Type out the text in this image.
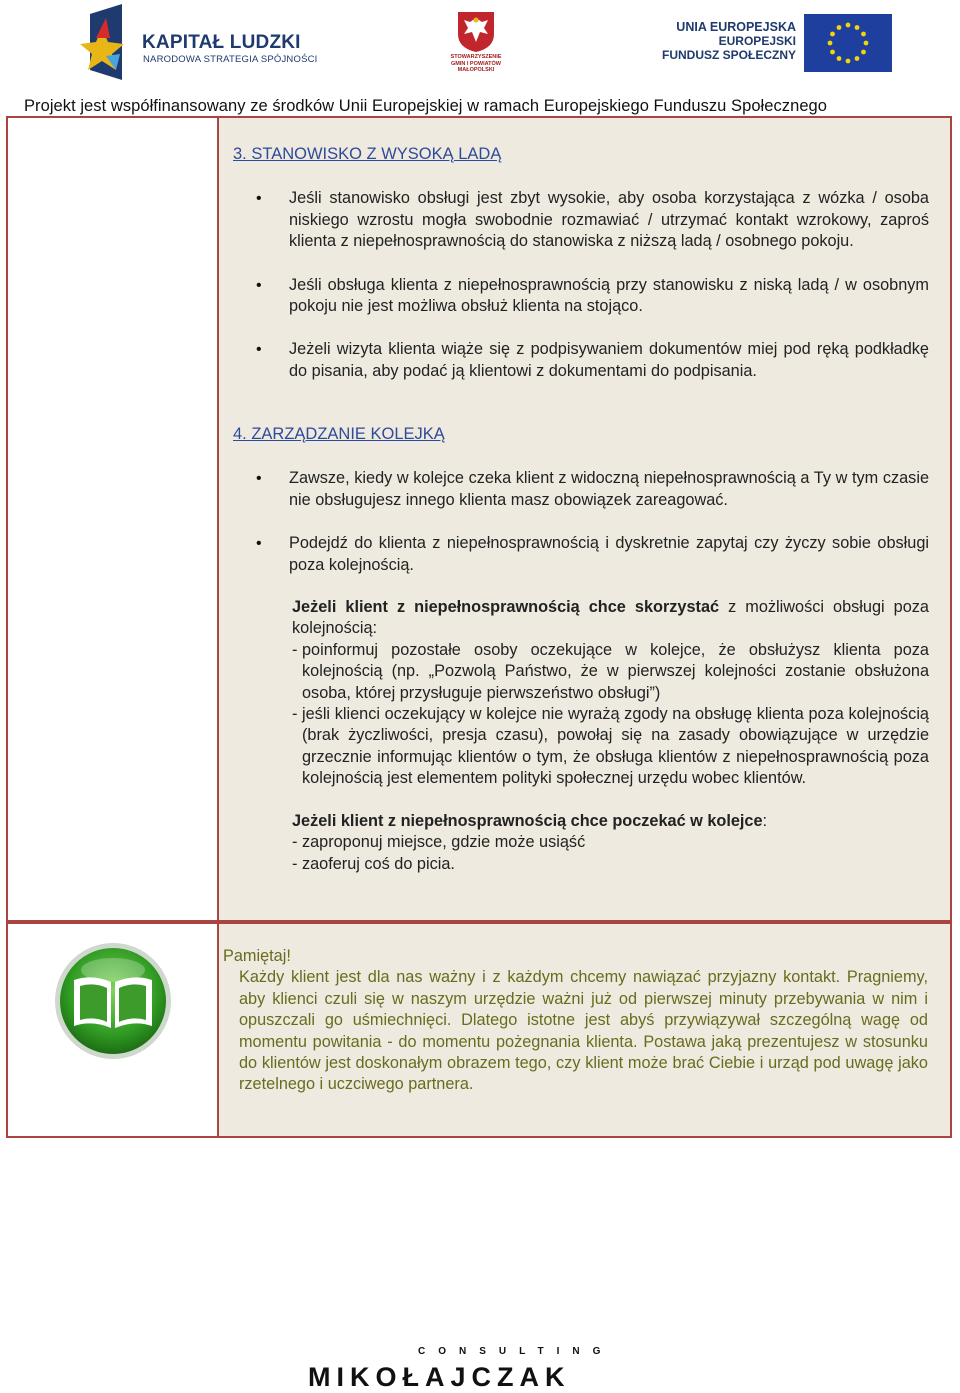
KAPITAŁ LUDZKI
NARODOWA STRATEGIA SPÓJNOŚCI	STOWARZYSZENIE
GMIN I POWIATÓW
MAŁOPOLSKI
UNIA EUROPEJSKA
EUROPEJSKI
FUNDUSZ SPOŁECZNY
Projekt jest współfinansowany ze środków Unii Europejskiej w ramach Europejskiego Funduszu Społecznego
3. STANOWISKO Z WYSOKĄ LADĄ
• Jeśli stanowisko obsługi jest zbyt wysokie, aby osoba korzystająca z wózka / osoba niskiego wzrostu mogła swobodnie rozmawiać / utrzymać kontakt wzrokowy, zaproś klienta z niepełnosprawnością do stanowiska z niższą ladą / osobnego pokoju.
• Jeśli obsługa klienta z niepełnosprawnością przy stanowisku z niską ladą / w osobnym pokoju nie jest możliwa obsłuż klienta na stojąco.
• Jeżeli wizyta klienta wiąże się z podpisywaniem dokumentów miej pod ręką podkładkę do pisania, aby podać ją klientowi z dokumentami do podpisania.
4. ZARZĄDZANIE KOLEJKĄ
• Zawsze, kiedy w kolejce czeka klient z widoczną niepełnosprawnością a Ty w tym czasie nie obsługujesz innego klienta masz obowiązek zareagować.
• Podejdź do klienta z niepełnosprawnością i dyskretnie zapytaj czy życzy sobie obsługi poza kolejnością.
Jeżeli klient z niepełnosprawnością chce skorzystać z możliwości obsługi poza kolejnością:
- poinformuj pozostałe osoby oczekujące w kolejce, że obsłużysz klienta poza kolejnością (np. „Pozwolą Państwo, że w pierwszej kolejności zostanie obsłużona osoba, której przysługuje pierwszeństwo obsługi”)
- jeśli klienci oczekujący w kolejce nie wyrażą zgody na obsługę klienta poza kolejnością (brak życzliwości, presja czasu), powołaj się na zasady obowiązujące w urzędzie grzecznie informując klientów o tym, że obsługa klientów z niepełnosprawnością poza kolejnością jest elementem polityki społecznej urzędu wobec klientów.
Jeżeli klient z niepełnosprawnością chce poczekać w kolejce:
- zaproponuj miejsce, gdzie może usiąść
- zaoferuj coś do picia.
Pamiętaj!
Każdy klient jest dla nas ważny i z każdym chcemy nawiązać przyjazny kontakt. Pragniemy, aby klienci czuli się w naszym urzędzie ważni już od pierwszej minuty przebywania w nim i opuszczali go uśmiechnięci. Dlatego istotne jest abyś przywiązywał szczególną wagę od momentu powitania - do momentu pożegnania klienta. Postawa jaką prezentujesz w stosunku do klientów jest doskonałym obrazem tego, czy klient może brać Ciebie i urząd pod uwagę jako rzetelnego i uczciwego partnera.
CONSULTING
MIKOŁAJCZAK
